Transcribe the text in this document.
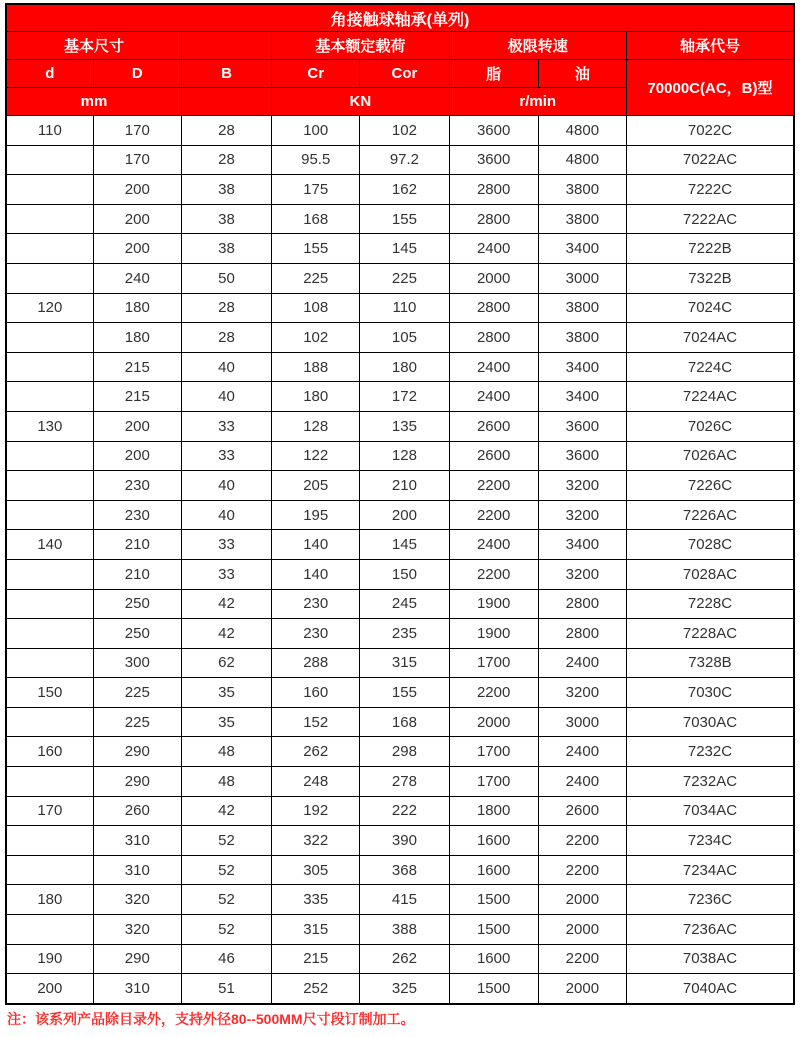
角接触球轴承(单列)							
基本尺寸			基本额定载荷		极限转速		轴承代号
d	D	B	Cr	Cor	脂	油	70000C(AC，B)型
mm			KN		r/min		
110	170	28	100	102	3600	4800	7022C
	170	28	95.5	97.2	3600	4800	7022AC
	200	38	175	162	2800	3800	7222C
	200	38	168	155	2800	3800	7222AC
	200	38	155	145	2400	3400	7222B
	240	50	225	225	2000	3000	7322B
120	180	28	108	110	2800	3800	7024C
	180	28	102	105	2800	3800	7024AC
	215	40	188	180	2400	3400	7224C
	215	40	180	172	2400	3400	7224AC
130	200	33	128	135	2600	3600	7026C
	200	33	122	128	2600	3600	7026AC
	230	40	205	210	2200	3200	7226C
	230	40	195	200	2200	3200	7226AC
140	210	33	140	145	2400	3400	7028C
	210	33	140	150	2200	3200	7028AC
	250	42	230	245	1900	2800	7228C
	250	42	230	235	1900	2800	7228AC
	300	62	288	315	1700	2400	7328B
150	225	35	160	155	2200	3200	7030C
	225	35	152	168	2000	3000	7030AC
160	290	48	262	298	1700	2400	7232C
	290	48	248	278	1700	2400	7232AC
170	260	42	192	222	1800	2600	7034AC
	310	52	322	390	1600	2200	7234C
	310	52	305	368	1600	2200	7234AC
180	320	52	335	415	1500	2000	7236C
	320	52	315	388	1500	2000	7236AC
190	290	46	215	262	1600	2200	7038AC
200	310	51	252	325	1500	2000	7040AC
注：该系列产品除目录外，支持外径80--500MM尺寸段订制加工。
